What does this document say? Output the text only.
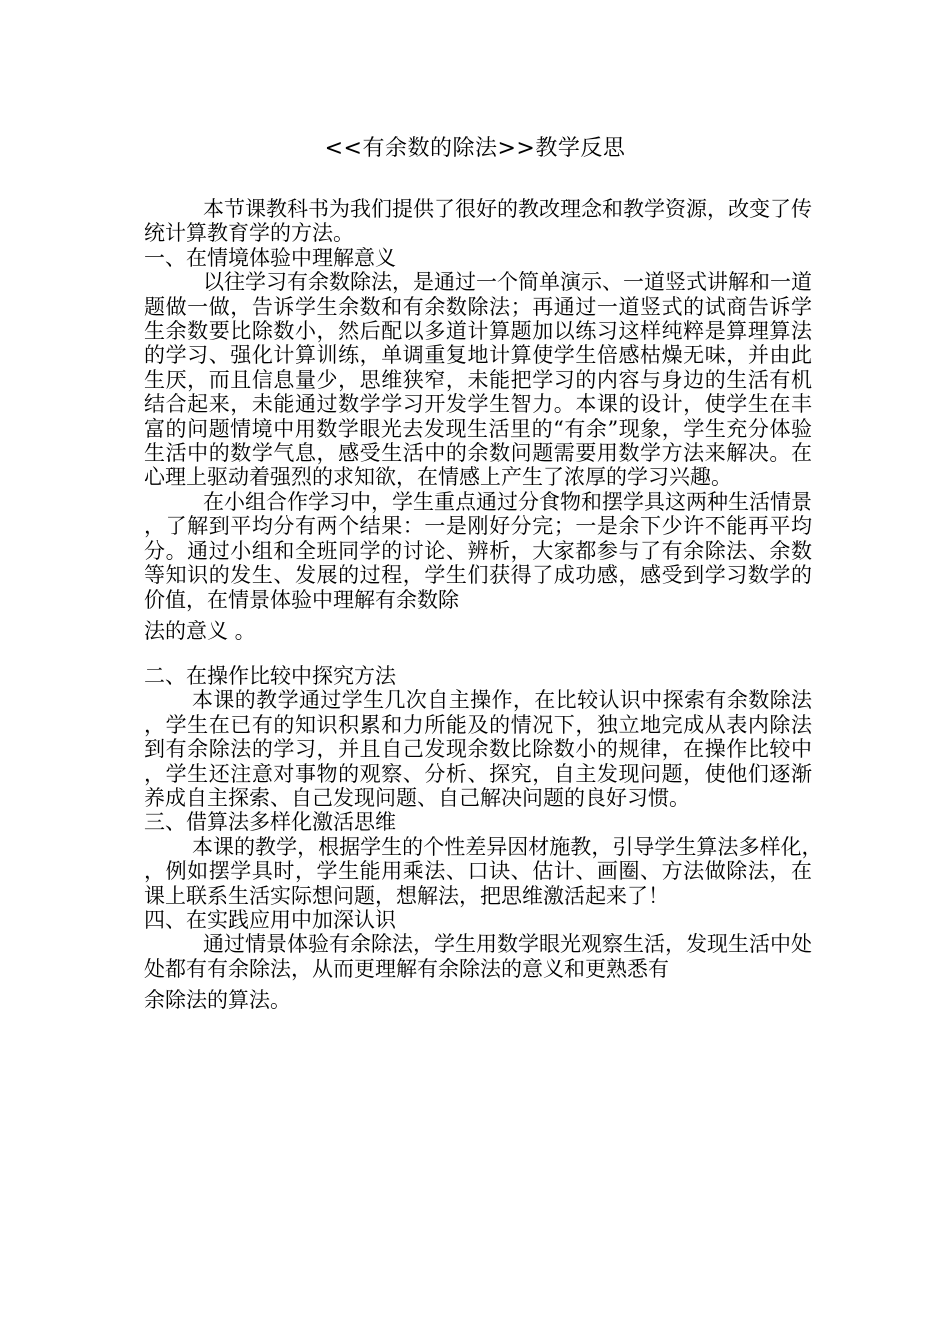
<<有余数的除法>>教学反思

本节课教科书为我们提供了很好的教改理念和教学资源，改变了传统计算教育学的方法。

一、在情境体验中理解意义

以往学习有余数除法，是通过一个简单演示、一道竖式讲解和一道题做一做，告诉学生余数和有余数除法；再通过一道竖式的试商告诉学生余数要比除数小，然后配以多道计算题加以练习这样纯粹是算理算法的学习、强化计算训练，单调重复地计算使学生倍感枯燥无味，并由此生厌，而且信息量少，思维狭窄，未能把学习的内容与身边的生活有机结合起来，未能通过数学学习开发学生智力。本课的设计，使学生在丰富的问题情境中用数学眼光去发现生活里的“有余”现象，学生充分体验生活中的数学气息，感受生活中的余数问题需要用数学方法来解决。在心理上驱动着强烈的求知欲，在情感上产生了浓厚的学习兴趣。

在小组合作学习中，学生重点通过分食物和摆学具这两种生活情景，了解到平均分有两个结果：一是刚好分完；一是余下少许不能再平均分。通过小组和全班同学的讨论、辨析，大家都参与了有余除法、余数等知识的发生、发展的过程，学生们获得了成功感，感受到学习数学的价值，在情景体验中理解有余数除

法的意义 。

二、在操作比较中探究方法

本课的教学通过学生几次自主操作，在比较认识中探索有余数除法，学生在已有的知识积累和力所能及的情况下，独立地完成从表内除法到有余除法的学习，并且自己发现余数比除数小的规律，在操作比较中，学生还注意对事物的观察、分析、探究，自主发现问题，使他们逐渐养成自主探索、自己发现问题、自己解决问题的良好习惯。

三、借算法多样化激活思维

本课的教学，根据学生的个性差异因材施教，引导学生算法多样化，，例如摆学具时，学生能用乘法、口诀、估计、画圈、方法做除法，在课上联系生活实际想问题，想解法，把思维激活起来了！

四、在实践应用中加深认识

通过情景体验有余除法，学生用数学眼光观察生活，发现生活中处处都有有余除法，从而更理解有余除法的意义和更熟悉有

余除法的算法。
